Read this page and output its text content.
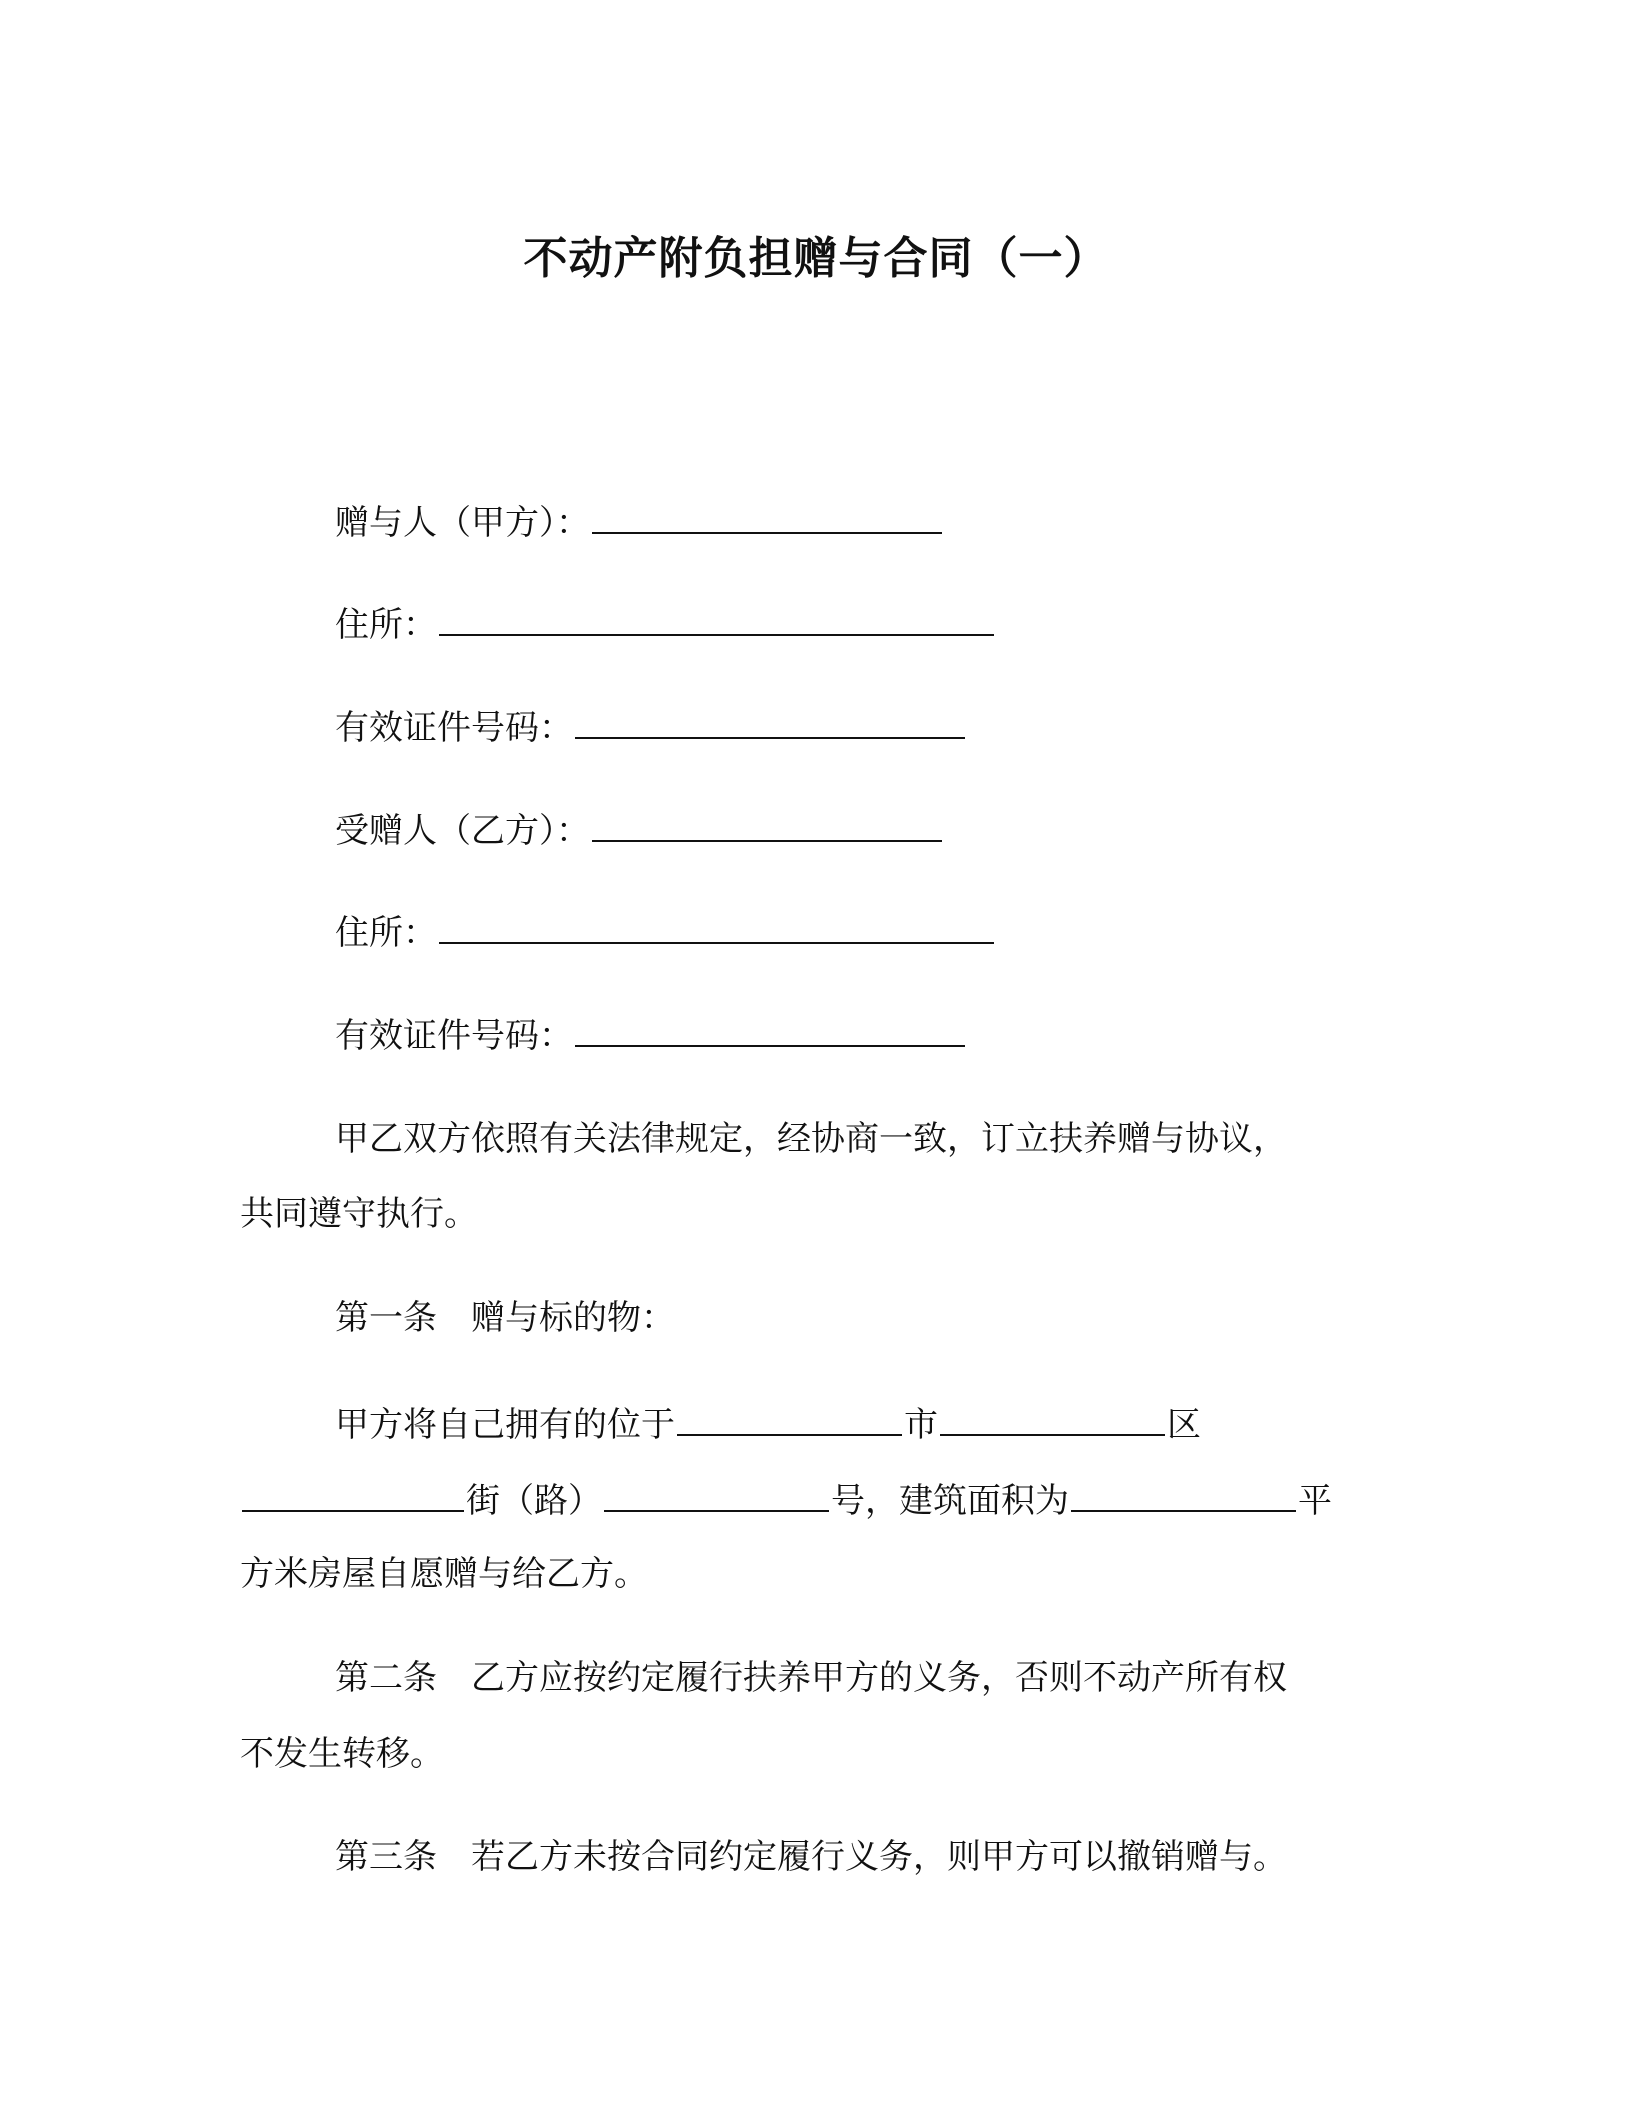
不动产附负担赠与合同（一）
赠与人（甲方）：
住所：
有效证件号码：
受赠人（乙方）：
住所：
有效证件号码：
甲乙双方依照有关法律规定，经协商一致，订立扶养赠与协议，
共同遵守执行。
第一条　赠与标的物：
甲方将自己拥有的位于	市	区
街（路）	号，建筑面积为	平
方米房屋自愿赠与给乙方。
第二条　乙方应按约定履行扶养甲方的义务，否则不动产所有权
不发生转移。
第三条　若乙方未按合同约定履行义务，则甲方可以撤销赠与。
